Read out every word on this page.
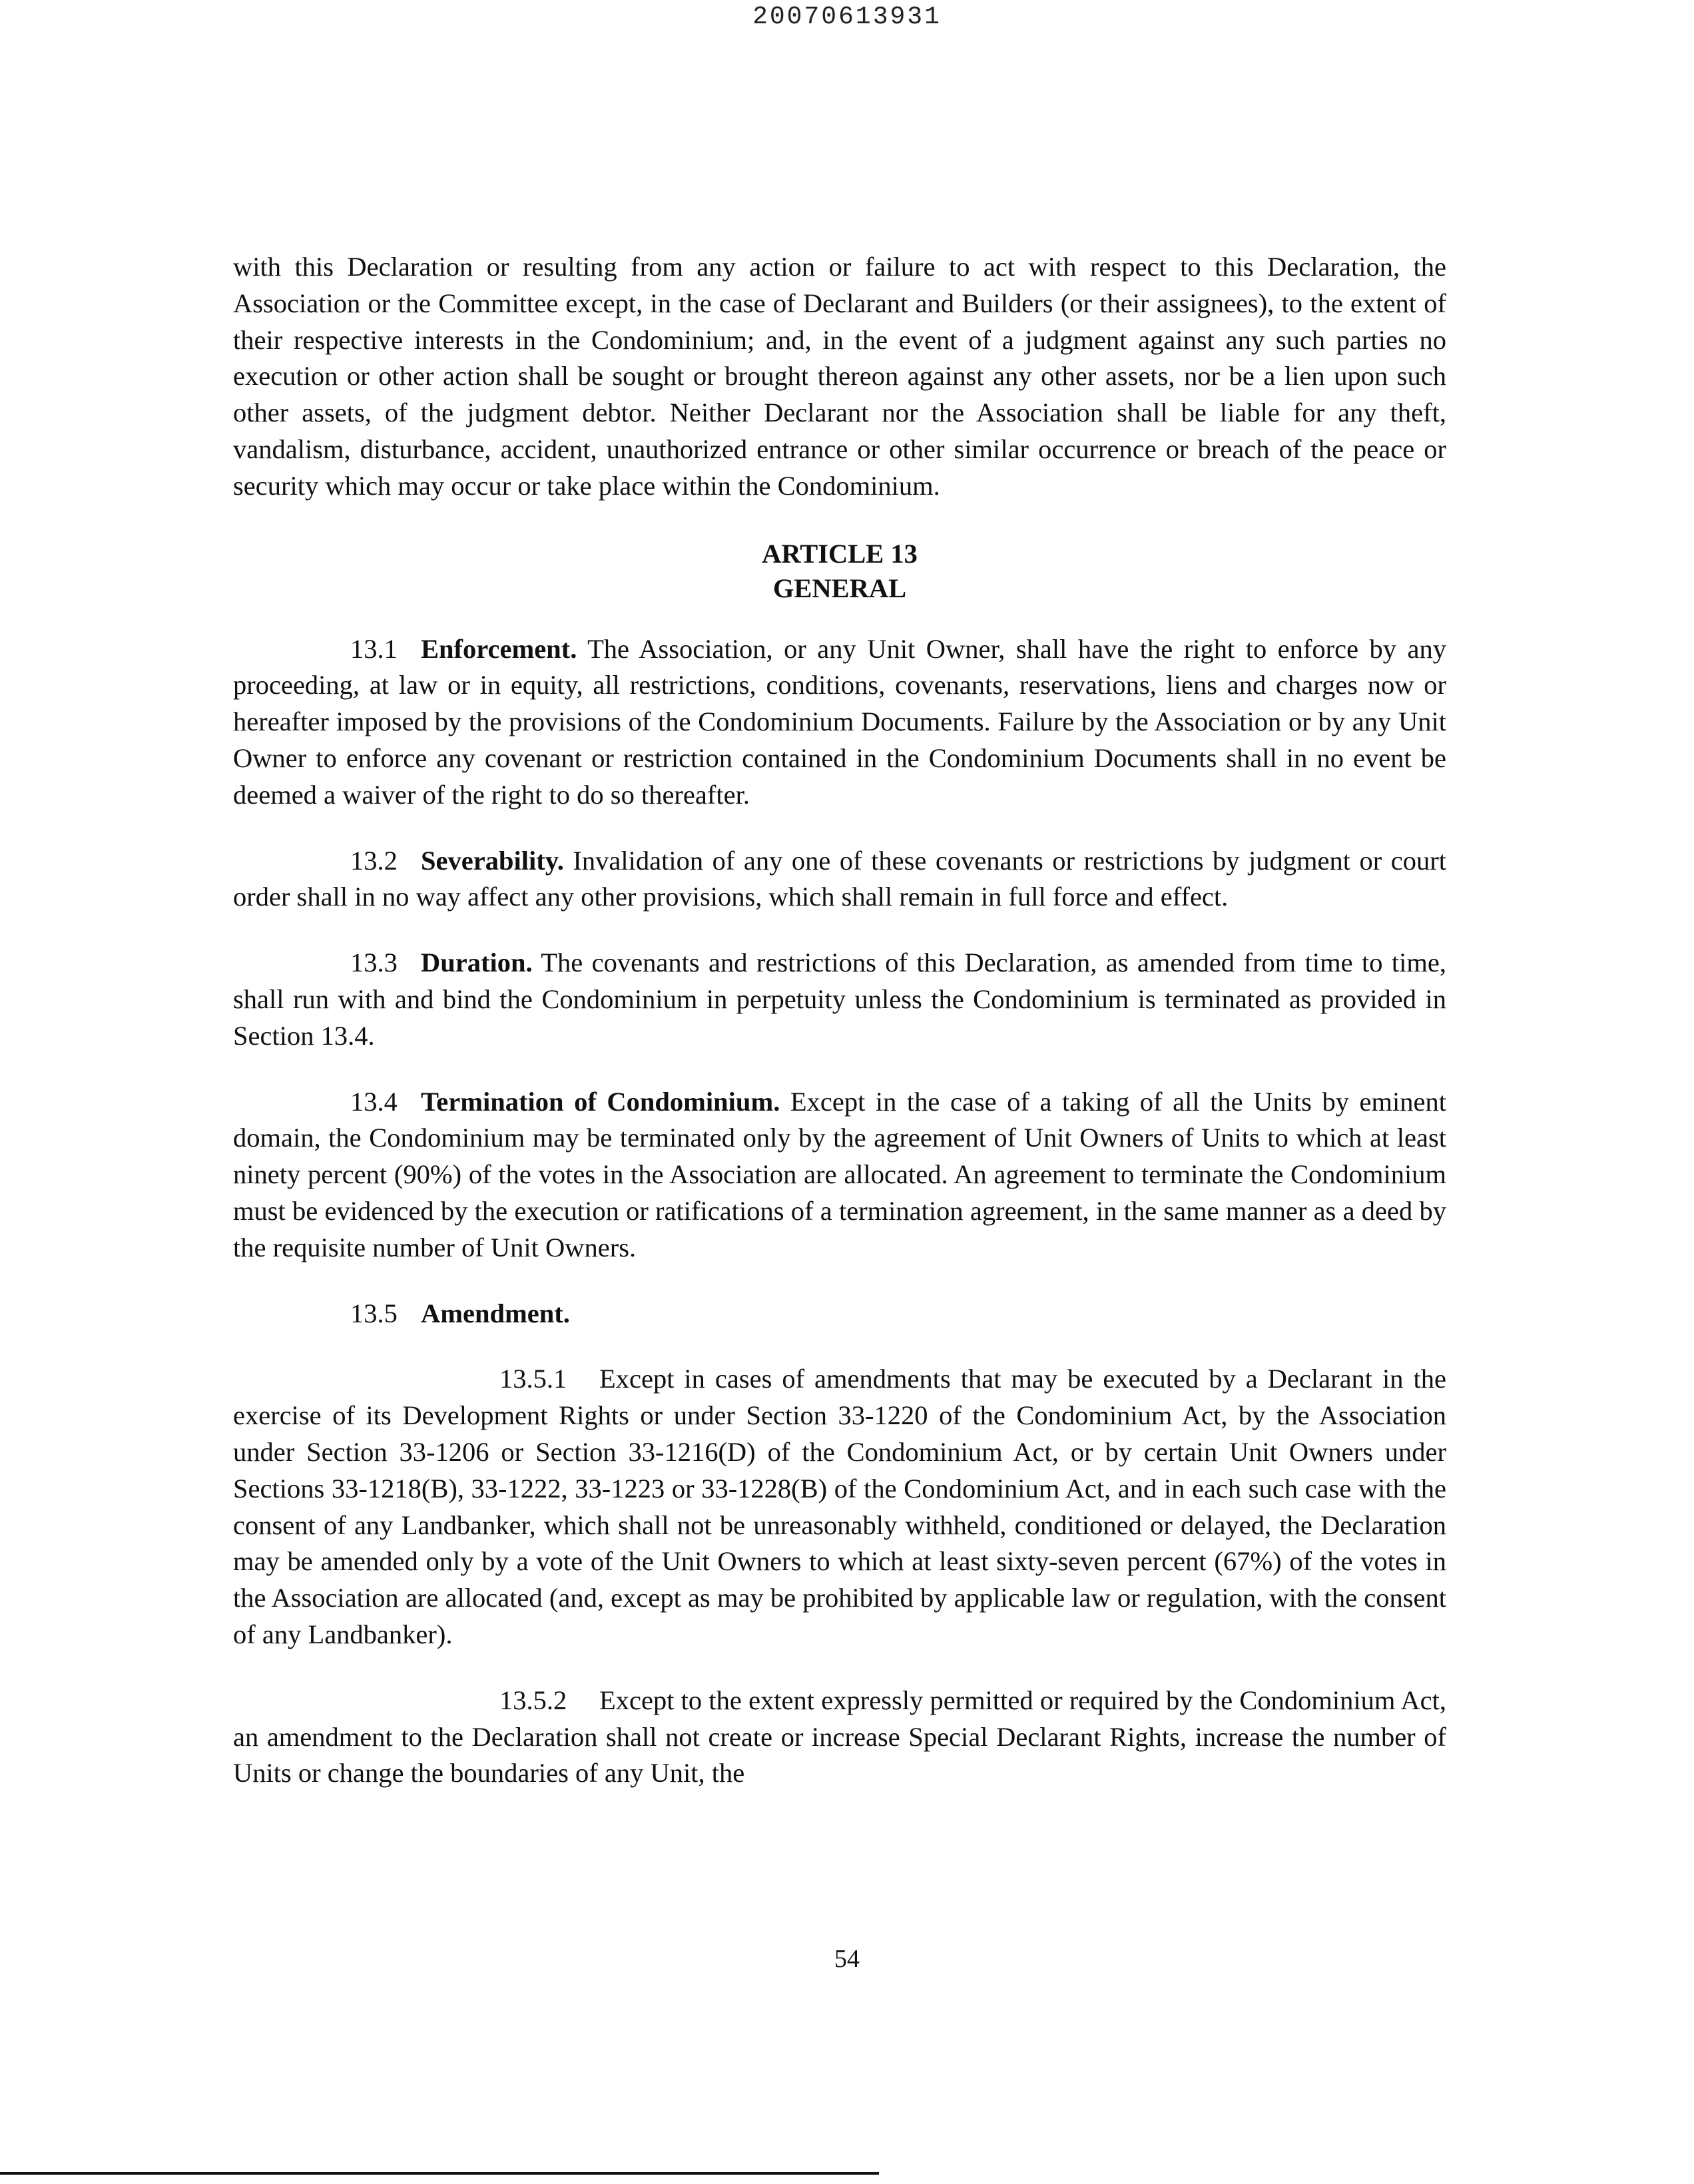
20070613931

with this Declaration or resulting from any action or failure to act with respect to this Declaration, the Association or the Committee except, in the case of Declarant and Builders (or their assignees), to the extent of their respective interests in the Condominium; and, in the event of a judgment against any such parties no execution or other action shall be sought or brought thereon against any other assets, nor be a lien upon such other assets, of the judgment debtor. Neither Declarant nor the Association shall be liable for any theft, vandalism, disturbance, accident, unauthorized entrance or other similar occurrence or breach of the peace or security which may occur or take place within the Condominium.

ARTICLE 13
GENERAL

13.1 Enforcement. The Association, or any Unit Owner, shall have the right to enforce by any proceeding, at law or in equity, all restrictions, conditions, covenants, reservations, liens and charges now or hereafter imposed by the provisions of the Condominium Documents. Failure by the Association or by any Unit Owner to enforce any covenant or restriction contained in the Condominium Documents shall in no event be deemed a waiver of the right to do so thereafter.

13.2 Severability. Invalidation of any one of these covenants or restrictions by judgment or court order shall in no way affect any other provisions, which shall remain in full force and effect.

13.3 Duration. The covenants and restrictions of this Declaration, as amended from time to time, shall run with and bind the Condominium in perpetuity unless the Condominium is terminated as provided in Section 13.4.

13.4 Termination of Condominium. Except in the case of a taking of all the Units by eminent domain, the Condominium may be terminated only by the agreement of Unit Owners of Units to which at least ninety percent (90%) of the votes in the Association are allocated. An agreement to terminate the Condominium must be evidenced by the execution or ratifications of a termination agreement, in the same manner as a deed by the requisite number of Unit Owners.

13.5 Amendment.

13.5.1 Except in cases of amendments that may be executed by a Declarant in the exercise of its Development Rights or under Section 33-1220 of the Condominium Act, by the Association under Section 33-1206 or Section 33-1216(D) of the Condominium Act, or by certain Unit Owners under Sections 33-1218(B), 33-1222, 33-1223 or 33-1228(B) of the Condominium Act, and in each such case with the consent of any Landbanker, which shall not be unreasonably withheld, conditioned or delayed, the Declaration may be amended only by a vote of the Unit Owners to which at least sixty-seven percent (67%) of the votes in the Association are allocated (and, except as may be prohibited by applicable law or regulation, with the consent of any Landbanker).

13.5.2 Except to the extent expressly permitted or required by the Condominium Act, an amendment to the Declaration shall not create or increase Special Declarant Rights, increase the number of Units or change the boundaries of any Unit, the

54
